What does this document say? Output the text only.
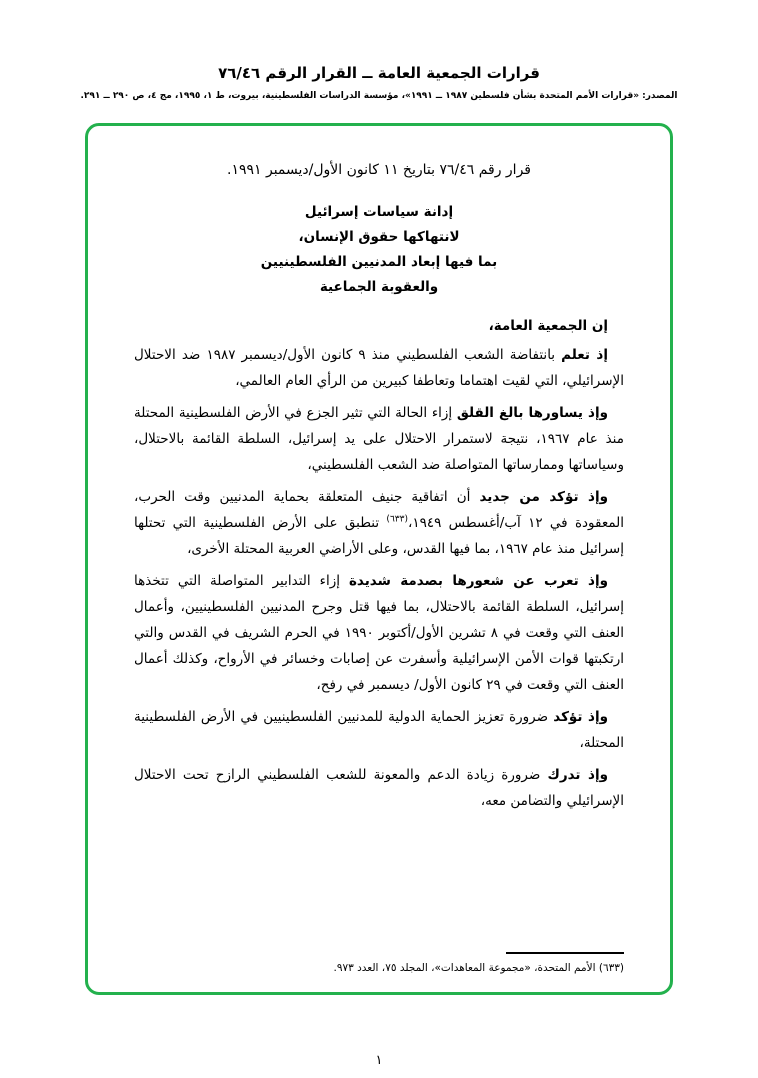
قرارات الجمعية العامة ــ القرار الرقم ٧٦/٤٦
المصدر: «قرارات الأمم المتحدة بشأن فلسطين ١٩٨٧ ــ ١٩٩١»، مؤسسة الدراسات الفلسطينية، بيروت، ط ١، ١٩٩٥، مج ٤، ص ٢٩٠ ــ ٢٩١.
قرار رقم ٧٦/٤٦ بتاريخ ١١ كانون الأول/ديسمبر ١٩٩١.
إدانة سياسات إسرائيل
لانتهاكها حقوق الإنسان،
بما فيها إبعاد المدنيين الفلسطينيين
والعقوبة الجماعية
إن الجمعية العامة،

إذ تعلم بانتفاضة الشعب الفلسطيني منذ ٩ كانون الأول/ديسمبر ١٩٨٧ ضد الاحتلال الإسرائيلي، التي لقيت اهتماما وتعاطفا كبيرين من الرأي العام العالمي،

وإذ يساورها بالغ القلق إزاء الحالة التي تثير الجزع في الأرض الفلسطينية المحتلة منذ عام ١٩٦٧، نتيجة لاستمرار الاحتلال على يد إسرائيل، السلطة القائمة بالاحتلال، وسياساتها وممارساتها المتواصلة ضد الشعب الفلسطيني،

وإذ تؤكد من جديد أن اتفاقية جنيف المتعلقة بحماية المدنيين وقت الحرب، المعقودة في ١٢ آب/أغسطس ١٩٤٩،$^{(٦٣٣)}$ تنطبق على الأرض الفلسطينية التي تحتلها إسرائيل منذ عام ١٩٦٧، بما فيها القدس، وعلى الأراضي العربية المحتلة الأخرى،

وإذ تعرب عن شعورها بصدمة شديدة إزاء التدابير المتواصلة التي تتخذها إسرائيل، السلطة القائمة بالاحتلال، بما فيها قتل وجرح المدنيين الفلسطينيين، وأعمال العنف التي وقعت في ٨ تشرين الأول/أكتوبر ١٩٩٠ في الحرم الشريف في القدس والتي ارتكبتها قوات الأمن الإسرائيلية وأسفرت عن إصابات وخسائر في الأرواح، وكذلك أعمال العنف التي وقعت في ٢٩ كانون الأول/ ديسمبر في رفح،

وإذ تؤكد ضرورة تعزيز الحماية الدولية للمدنيين الفلسطينيين في الأرض الفلسطينية المحتلة،

وإذ تدرك ضرورة زيادة الدعم والمعونة للشعب الفلسطيني الرازح تحت الاحتلال الإسرائيلي والتضامن معه،

(٦٣٣) الأمم المتحدة، «مجموعة المعاهدات»، المجلد ٧٥، العدد ٩٧٣.
١
